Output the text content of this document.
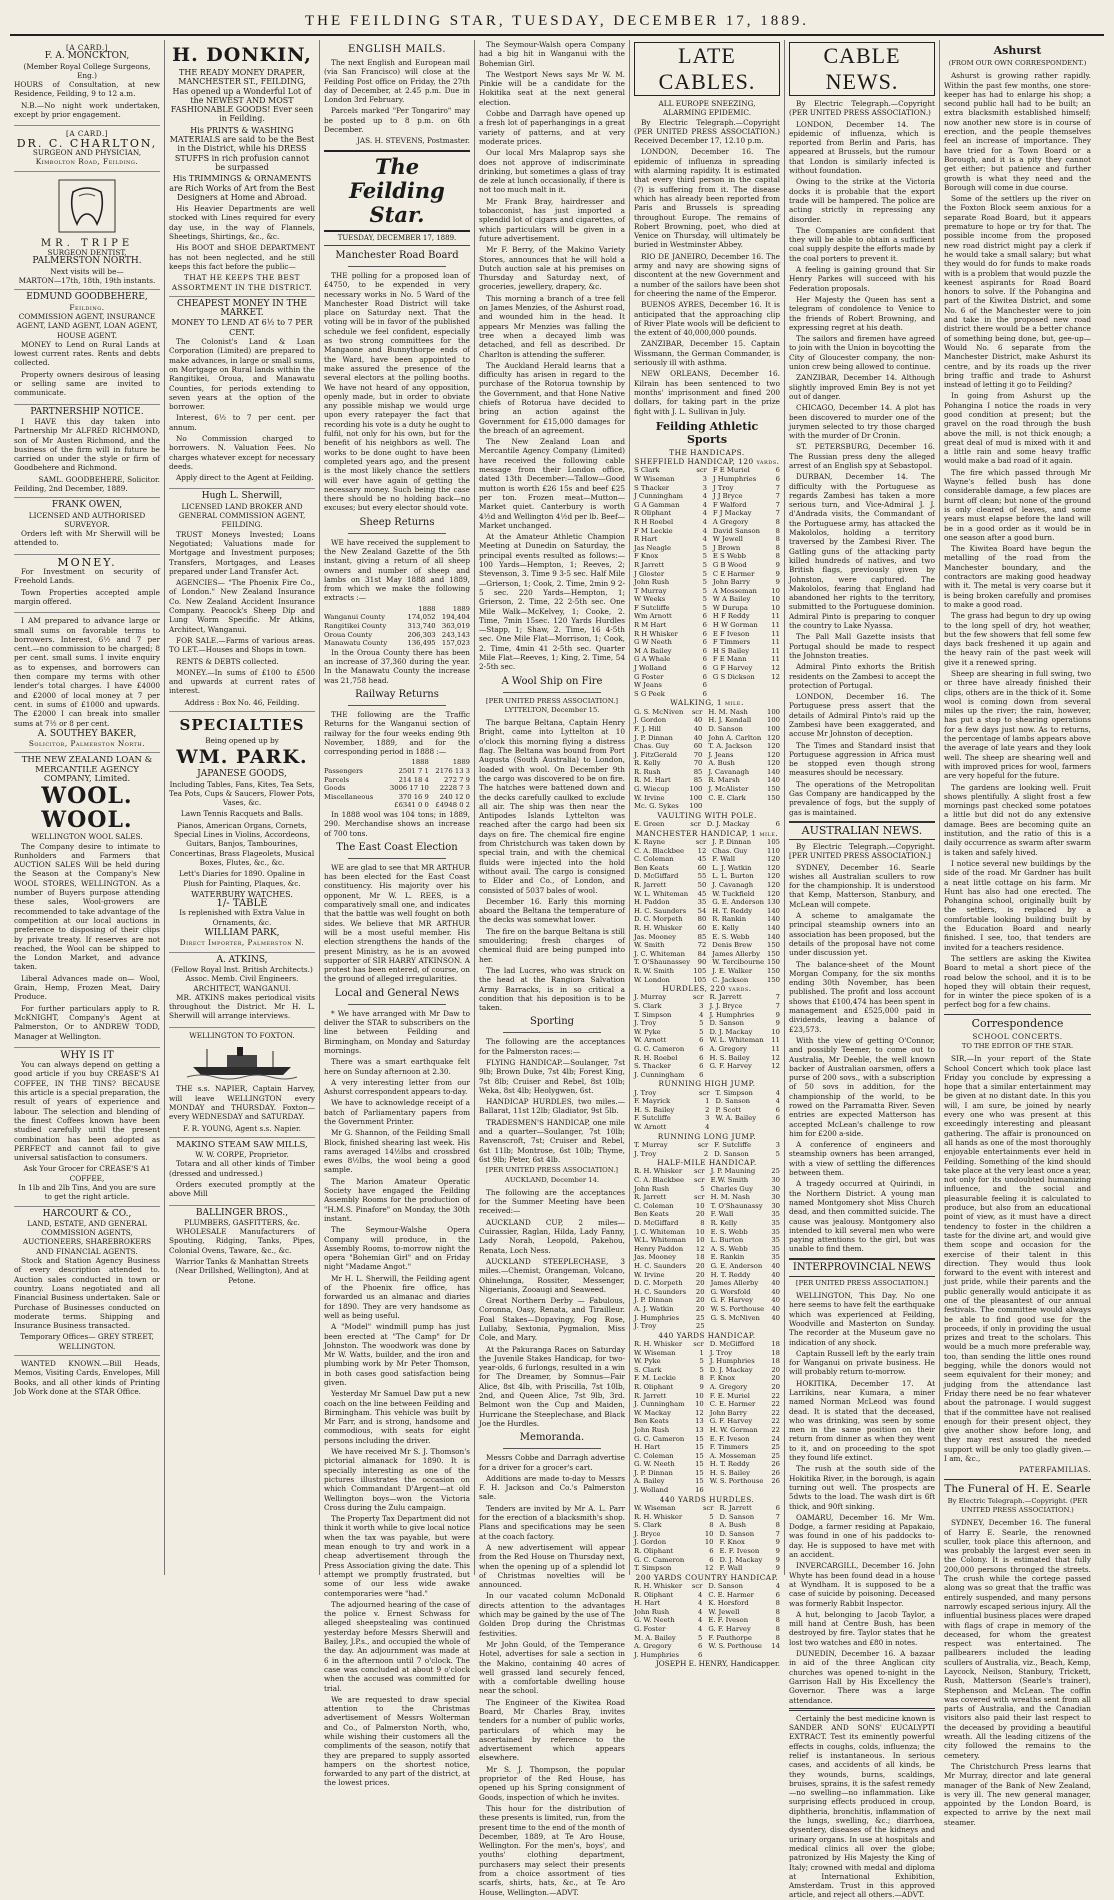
THE FEILDING STAR, TUESDAY, DECEMBER 17, 1889.
[A CARD.]
F. A. MONCKTON,
(Member Royal College Surgeons, Eng.)

HOURS of Consultation, at new Residence, Feilding, 9 to 12 a.m.

N.B.—No night work undertaken, except by prior engagement.

[A CARD.]
DR. C. CHARLTON,
SURGEON AND PHYSICIAN,
Kimbolton Road, Feilding.
MR. TRIPE
SURGEON DENTIST,
PALMERSTON NORTH.
Next visits will be—
MARTON—17th, 18th, 19th instants.
EDMUND GOODBEHERE,
Feilding.
COMMISSION AGENT, INSURANCE AGENT, LAND AGENT, LOAN AGENT, HOUSE AGENT.

MONEY to Lend on Rural Lands at lowest current rates. Rents and debts collected.

Property owners desirous of leasing or selling same are invited to communicate.

PARTNERSHIP NOTICE.

I HAVE this day taken into Partnership Mr ALFRED RICHMOND, son of Mr Austen Richmond, and the business of the firm will in future be carried on under the style or firm of Goodbehere and Richmond.

SAML. GOODBEHERE, Solicitor.
Feilding, 2nd December, 1889.
FRANK OWEN,
LICENSED AND AUTHORISED SURVEYOR.

Orders left with Mr Sherwill will be attended to.

MONEY.

For Investment on security of Freehold Lands.

Town Properties accepted ample margin offered.

I AM prepared to advance large or small sums on favorable terms to borrowers. Interest, 6½ and 7 per cent.—no commission to be charged; 8 per cent. small sums. I invite enquiry as to expenses, and borrowers can then compare my terms with other lender's total charges. I have £4000 and £2000 of local money at 7 per cent. in sums of £1000 and upwards. The £2000 I can break into smaller sums at 7½ or 8 per cent.

A. SOUTHEY BAKER,
Solicitor, Palmerston North.
THE NEW ZEALAND LOAN & MERCANTILE AGENCY COMPANY, Limited.
WOOL. WOOL.
WELLINGTON WOOL SALES.

The Company desire to intimate to Runholders and Farmers that AUCTION SALES Will be held during the Season at the Company's New WOOL STORES, WELLINGTON. As a number of Buyers purpose attending these sales, Wool-growers are recommended to take advantage of the competition at our local auctions in preference to disposing of their clips by private treaty. If reserves are not reached, the Wool can be shipped to the London Market, and advance taken.

Liberal Advances made on— Wool, Grain, Hemp, Frozen Meat, Dairy Produce.

For further particulars apply to R. McKNIGHT, Company's Agent at Palmerston, Or to ANDREW TODD, Manager at Wellington.

WHY IS IT

You can always depend on getting a good article if you buy CREASE'S A1 COFFEE, IN THE TINS? BECAUSE this article is a special preparation, the result of years of experience and labour. The selection and blending of the finest Coffees known have been studied carefully until the present combination has been adopted as PERFECT and cannot fail to give universal satisfaction to consumers.

Ask Your Grocer for CREASE'S A1 COFFEE,
In 1lb and 2lb Tins, And you are sure to get the right article.
HARCOURT & CO.,
LAND, ESTATE, AND GENERAL COMMISSION AGENTS, AUCTIONEERS, SHAREBROKERS AND FINANCIAL AGENTS.

Stock and Station Agency Business of every description attended to. Auction sales conducted in town or country. Loans negotiated and all Financial Business undertaken. Sale or Purchase of Businesses conducted on moderate terms. Shipping and Insurance Business transacted.

Temporary Offices— GREY STREET, WELLINGTON.

WANTED KNOWN.—Bill Heads, Memos, Visiting Cards, Envelopes, Mill Books, and all other kinds of Printing Job Work done at the STAR Office.

H. DONKIN,
THE READY MONEY DRAPER, MANCHESTER ST., FEILDING,

Has opened up a Wonderful Lot of the NEWEST AND MOST FASHIONABLE GOODS! Ever seen in Feilding.

His PRINTS & WASHING MATERIALS are said to be the Best in the District, while his DRESS STUFFS in rich profusion cannot be surpassed

His TRIMMINGS & ORNAMENTS are Rich Works of Art from the Best Designers at Home and Abroad.

His Heavier Departments are well stocked with Lines required for every day use, in the way of Flannels, Sheetings, Shirtings, &c., &c.

His BOOT and SHOE DEPARTMENT has not been neglected, and he still keeps this fact before the public—

THAT HE KEEPS THE BEST ASSORTMENT IN THE DISTRICT.
CHEAPEST MONEY IN THE MARKET.
MONEY TO LEND AT 6½ to 7 PER CENT.

The Colonist's Land & Loan Corporation (Limited) are prepared to make advances, in large or small sums, on Mortgage on Rural lands within the Rangitikei, Oroua, and Manawatu Counties, for periods extending to seven years at the option of the borrower.

Interest, 6½ to 7 per cent. per annum.

No Commission charged to borrowers. N. Valuation Fees. No charges whatever except for necessary deeds.

Apply direct to the Agent at Feilding.

Hugh L. Sherwill,
LICENSED LAND BROKER AND GENERAL COMMISSION AGENT, FEILDING.

TRUST Moneys Invested; Loans Negotiated; Valuations made for Mortgage and Investment purposes; Transfers, Mortgages, and Leases prepared under Land Transfer Act.

AGENCIES— "The Phoenix Fire Co., of London." New Zealand Insurance Co. New Zealand Accident Insurance Company. Peacock's Sheep Dip and Lung Worm Specific. Mr Atkins, Architect, Wanganui.

FOR SALE.—Farms of various areas. TO LET.—Houses and Shops in town.

RENTS & DEBTS collected.

MONEY.—In sums of £100 to £500 and upwards at current rates of interest.

Address : Box No. 46, Feilding.
SPECIALTIES
Being opened up by
WM. PARK.
JAPANESE GOODS,

Including Tables, Fans, Kites, Tea Sets, Tea Pots, Cups & Saucers, Flower Pots, Vases, &c.

Lawn Tennis Racquets and Balls.

Pianos, American Organs, Cornets, Special Lines in Violins, Accordeons, Guitars, Banjos, Tambourines, Concertinas, Brass Flageolets, Musical Boxes, Flutes, &c., &c.

Lett's Diaries for 1890. Opaline in Plush for Painting, Plaques, &c.

WATERBURY WATCHES.
1/- TABLE

Is replenished with Extra Value in Ornaments, &c.

WILLIAM PARK,
Direct Importer, Palmerston N.
A. ATKINS,
(Fellow Royal Inst. British Architects.) Assoc. Memb. Civil Engineers.
ARCHITECT, WANGANUI.

MR. ATKINS makes periodical visits throughout the District. Mr H. L. Sherwill will arrange interviews.

WELLINGTON TO FOXTON.

THE s.s. NAPIER, Captain Harvey, will leave WELLINGTON every MONDAY and THURSDAY. Foxton—every WEDNESDAY and SATURDAY.

F. R. YOUNG, Agent s.s. Napier.
MAKINO STEAM SAW MILLS,
W. W. CORPE, Proprietor.

Totara and all other kinds of Timber (dressed and undressed.)

Orders executed promptly at the above Mill

BALLINGER BROS.,
PLUMBERS, GASFITTERS, &c.

WHOLESALE Manufacturers of Spouting, Ridging, Tanks, Pipes, Colonial Ovens, Taware, &c., &c.

Warrior Tanks & Manhattan Streets (Near Drillshed, Wellington), And at Petone.
ENGLISH MAILS.

The next English and European mail (via San Francisco) will close at the Feilding Post office on Friday, the 27th day of December, at 2.45 p.m. Due in London 3rd February.

Parcels marked "Per Tongariro" may be posted up to 8 p.m. on 6th December.

JAS. H. STEVENS, Postmaster.
The Feilding Star.
TUESDAY, DECEMBER 17, 1889.
Manchester Road Board

THE polling for a proposed loan of £4750, to be expended in very necessary works in No. 5 Ward of the Manchester Road District will take place on Saturday next. That the voting will be in favor of the published schedule we feel confident, especially as two strong committees for the Mangaone and Bunnythorpe ends of the Ward, have been appointed to make assured the presence of the several electors at the polling booths. We have not heard of any opposition, openly made, but in order to obviate any possible mishap we would urge upon every ratepayer the fact that recording his vote is a duty he ought to fulfil, not only for his own, but for the benefit of his neighbors as well. The works to be done ought to have been completed years ago, and the present is the most likely chance the settlers will ever have again of getting the necessary money. Such being the case there should be no holding back—no excuses; but every elector should vote.

Sheep Returns

WE have received the supplement to the New Zealand Gazette of the 5th instant, giving a return of all sheep owners and number of sheep and lambs on 31st May 1888 and 1889, from which we make the following extracts :—

	1888	1889
Wanganui County	174,052	194,404
Rangitikei County	313,740	363,019
Oroua County	206,303	243,143
Manawatu County	136,495	157,023

In the Oroua County there has been an increase of 37,360 during the year. In the Manawatu County the increase was 21,758 head.

Railway Returns

THE following are the Traffic Returns for the Wanganui section of railway for the four weeks ending 9th November, 1889, and for the corresponding period in 1888 :—

	1888	1889
Passengers	2501 7 1	2176 13 3
Parcels	214 18 4	272 7 9
Goods	3006 17 10	2228 7 3
Miscellaneous	370 16 9	240 12 0
	£6341 0 0	£4948 0 2

In 1888 wool was 104 tons; in 1889, 290. Merchandise shows an increase of 700 tons.

The East Coast Election

WE are glad to see that MR ARTHUR has been elected for the East Coast constituency. His majority over his opponent, Mr W. L. REES, is a comparatively small one, and indicates that the battle was well fought on both sides. We believe that MR ARTHUR will be a most useful member. His election strengthens the hands of the present Ministry, as he is an avowed supporter of SIR HARRY ATKINSON. A protest has been entered, of course, on the ground of alleged irregularities.

Local and General News

* We have arranged with Mr Daw to deliver the STAR to subscribers on the line between Feilding and Birmingham, on Monday and Saturday mornings.

There was a smart earthquake felt here on Sunday afternoon at 2.30.

A very interesting letter from our Ashurst correspondent appears to-day.

We have to acknowledge receipt of a batch of Parliamentary papers from the Government Printer.

Mr G. Shannon, of the Feilding Small Block, finished shearing last week. His rams averaged 14½lbs and crossbred ewes 8½lbs, the wool being a good sample.

The Marion Amateur Operatic Society have engaged the Feilding Assembly Rooms for the production of "H.M.S. Pinafore" on Monday, the 30th instant.

The Seymour-Walshe Opera Company will produce, in the Assembly Rooms, to-morrow night the opera "Bohemian Girl" and on Friday night "Madame Angot."

Mr H. L. Sherwill, the Feilding agent of the Phoenix fire office, has forwarded us an almanac and diaries for 1890. They are very handsome as well as being useful.

A "Model" windmill pump has just been erected at "The Camp" for Dr Johnston. The woodwork was done by Mr W. Watts, builder, and the iron and plumbing work by Mr Peter Thomson, in both cases good satisfaction being given.

Yesterday Mr Samuel Daw put a new coach on the line between Feilding and Birmingham. This vehicle was built by Mr Farr, and is strong, handsome and commodious, with seats for eight persons including the driver.

We have received Mr S. J. Thomson's pictorial almanack for 1890. It is specially interesting as one of the pictures illustrates the occasion on which Commandant D'Argent—at old Wellington boys—won the Victoria Cross during the Zulu campaign.

The Property Tax Department did not think it worth while to give local notice when the tax was payable, but were mean enough to try and work in a cheap advertisement through the Press Association giving the date. This attempt we promptly frustrated, but some of our less wide awake contemporaries were "had."

The adjourned hearing of the case of the police v. Ernest Schwass for alleged sheepstealing was continued yesterday before Messrs Sherwill and Bailey, J.P.s., and occupied the whole of the day. An adjournment was made at 6 in the afternoon until 7 o'clock. The case was concluded at about 9 o'clock when the accused was committed for trial.

We are requested to draw special attention to the Christmas advertisement of Messrs Wolterman and Co., of Palmerston North, who, while wishing their customers all the compliments of the season, notify that they are prepared to supply assorted hampers on the shortest notice, forwarded to any part of the district, at the lowest prices.

The Seymour-Walsh opera Company had a big hit in Wanganui with the Bohemian Girl.

The Westport News says Mr W. M. Pinkie will be a candidate for the Hokitika seat at the next general election.

Cobbe and Darragh have opened up a fresh lot of paperhangings in a great variety of patterns, and at very moderate prices.

Our local Mrs Malaprop says she does not approve of indiscriminate drinking, but sometimes a glass of tray de zele at lunch occasionally, if there is not too much malt in it.

Mr Frank Bray, hairdresser and tobacconist, has just imported a splendid lot of cigars and cigarettes, of which particulars will be given in a future advertisement.

Mr F. Berry, of the Makino Variety Stores, announces that he will hold a Dutch auction sale at his premises on Thursday and Saturday next, of groceries, jewellery, drapery, &c.

This morning a branch of a tree fell on James Menzies, of the Ashurst road, and wounded him in the head. It appears Mr Menzies was falling the tree when a decayed limb was detached, and fell as described. Dr Charlton is attending the sufferer.

The Auckland Herald learns that a difficulty has arisen in regard to the purchase of the Rotorua township by the Government, and that Hone Native chiefs of Rotorua have decided to bring an action against the Government for £15,000 damages for the breach of an agreement.

The New Zealand Loan and Mercantile Agency Company (Limited) have received the following cable message from their London office, dated 13th December:—Tallow—Good mutton is worth £26 15s and beef £25 per ton. Frozen meat—Mutton—Market quiet. Canterbury is worth 4½d and Wellington 4½d per lb. Beef—Market unchanged.

At the Amateur Athletic Champion Meeting at Dunedin on Saturday, the principal events resulted as follows:—100 Yards—Hempton, 1; Reeves, 2; Stevenson, 3. Time 9 3-5 sec. Half Mile—Grierson, 1; Cook, 2. Time, 2min 9 2-5 sec. 220 Yards—Hempton, 1; Grierson, 2. Time, 22 2-5th sec. One Mile Walk—McKelvey, 1; Cooke, 2. Time, 7min 15sec. 120 Yards Hurdles—Stapp, 1; Shaw, 2. Time, 16 4-5th sec. One Mile Flat—Morrison, 1; Cook, 2. Time, 4min 41 2-5th sec. Quarter Mile Flat—Reeves, 1; King, 2. Time, 54 2-5th sec.

A Wool Ship on Fire
[PER UNITED PRESS ASSOCIATION.] LYTTELTON, December 15.

The barque Beltana, Captain Henry Bright, came into Lyttelton at 10 o'clock this morning flying a distress flag. The Beltana was bound from Port Augusta (South Australia) to London, loaded with wool. On December 9th the cargo was discovered to be on fire. The hatches were battened down and the decks carefully caulked to exclude all air. The ship was then near the Antipodes Islands Lyttelton was reached after the cargo had been six days on fire. The chemical fire engine from Christchurch was taken down by special train, and with the chemical fluids were injected into the hold without avail. The cargo is consigned to Elder and Co., of London, and consisted of 5037 bales of wool.

December 16. Early this morning aboard the Beltana the temperature of the decks was somewhat lower.

The fire on the barque Beltana is still smouldering; fresh charges of chemical fluid are being pumped into her.

The lad Lucres, who was struck on the head at the Rangiora Salvation Army Barracks, is in so critical a condition that his deposition is to be taken.

Sporting

The following are the acceptances for the Palmerston races:—

FLYING HANDICAP.—Soulanger, 7st 9lb; Brown Duke, 7st 4lb; Forest King, 7st 8lb; Cruiser and Rebel, 8st 10lb; Weka, 8st 4lb; Heolygwen, 6st.

HANDICAP HURDLES, two miles.—Ballarat, 11st 12lb; Gladiator, 9st 5lb.

TRADESMEN'S HANDICAP, one mile and a quarter—Soulanger, 7st 10lb; Ravenscroft, 7st; Cruiser and Rebel, 6st 11lb; Montrose, 6st 10lb; Thyme, 6st 9lb; Peter, 6st 4lb.

[PER UNITED PRESS ASSOCIATION.] AUCKLAND, December 14.

The following are the acceptances for the Summer Meeting have been received:—

AUCKLAND CUP, 2 miles—Cuirassier, Raglan, Hilda, Lady Fanny, Lady Norah, Leopold, Pakehou, Renata, Loch Ness.

AUCKLAND STEEPLECHASE, 3 miles.—Chemist, Orangeman, Volcano, Ohinelunga, Rossiter, Messenger, Nigerianis, Zooaugi and Seaweed.

Great Northern Derby — Fabulous, Coronna, Oasy, Renata, and Tirailleur. Foal Stakes—Dopavingy, Fog Rose, Lullaby, Sextonia, Pygmalion, Miss Cole, and Mary.

At the Pakuranga Races on Saturday the Juvenile Stakes Handicap, for two-year-olds, 6 furlongs, resulted in a win for The Dreamer, by Somnus—Fair Alice, 8st 4lb, with Priscilla, 7st 10lb, 2nd, and Queen Alice, 7st 9lb, 3rd. Belmont won the Cup and Maiden, Hurricane the Steeplechase, and Black Joe the Hurdles.

Memoranda.

Messrs Cobbe and Darragh advertise for a driver for a grocer's cart.

Additions are made to-day to Messrs F. H. Jackson and Co.'s Palmerston sale.

Tenders are invited by Mr A. L. Parr for the erection of a blacksmith's shop. Plans and specifications may be seen at the coach factory.

A new advertisement will appear from the Red House on Thursday next, when the opening up of a splendid lot of Christmas novelties will be announced.

In our vacated column McDonald directs attention to the advantages which may be gained by the use of The Golden Drop during the Christmas festivities.

Mr John Gould, of the Temperance Hotel, advertises for sale a section in the Makino, containing 40 acres of well grassed land securely fenced, with a comfortable dwelling house near the school.

The Engineer of the Kiwitea Road Board, Mr Charles Bray, invites tenders for a number of public works, particulars of which may be ascertained by reference to the advertisement which appears elsewhere.

Mr S. J. Thompson, the popular proprietor of the Red House, has opened up his Spring consignment of Goods, inspection of which he invites.

This hour for the distribution of these presents is limited, run, from the present time to the end of the month of December, 1889, at Te Aro House, Wellington. For the men's, boys', and youths' clothing department, purchasers may select their presents from a choice assortment of ties scarfs, shirts, hats, &c., at Te Aro House, Wellington.—ADVT.

LATE CABLES.
ALL EUROPE SNEEZING,
ALARMING EPIDEMIC.

By Electric Telegraph.—Copyright (PER UNITED PRESS ASSOCIATION.) Received December 17, 12.10 p.m.

LONDON, December 16. The epidemic of influenza in spreading with alarming rapidity. It is estimated that every third person in the capital (?) is suffering from it. The disease which has already been reported from Paris and Brussels is spreading throughout Europe. The remains of Robert Browning, poet, who died at Venice on Thursday, will ultimately be buried in Westminster Abbey.

RIO DE JANEIRO, December 16. The army and navy are showing signs of discontent at the new Government and a number of the sailors have been shot for cheering the name of the Emperor.

BUENOS AYRES, December 16. It is anticipated that the approaching clip of River Plate wools will be deficient to the extent of 40,000,000 pounds.

ZANZIBAR, December 15. Captain Wissmann, the German Commander, is seriously ill with asthma.

NEW ORLEANS, December 16. Kilrain has been sentenced to two months' imprisonment and fined 200 dollars, for taking part in the prize fight with J. L. Sullivan in July.

Feilding Athletic Sports
THE HANDICAPS.
SHEFFIELD HANDICAP, 120 yards.
S Clark	scr	F E Muriel	6
W Wiseman	3	J Humphries	6
S Thacker	3	J Troy	7
J Cunningham	4	J J Bryce	7
G A Gamman	4	F Walford	7
R Oliphant	4	F J Mackay	7
R H Roebel	4	A Gregory	8
F M Leckie	4	David Sanson	8
R Hart	4	W Jewell	8
Jas Neagle	5	J Brown	8
F Knox	5	E S Webb	8
R Jarrett	5	G B Wood	9
J Gloster	5	C E Harmer	9
John Rush	5	John Barry	9
T Murray	5	A Mosseman	10
W Weeks	5	W A Bailey	10
F Sutcliffe	5	W Durupa	10
Wm Arnott	6	H F Reddy	11
R M Hart	6	H W Gorman	11
R H Whisker	6	E F Iveson	11
G W Neeth	6	F Timmers	11
M A Bailey	6	H S Bailey	11
G A Whale	6	F E Mann	11
J Wolland	6	G F Harvey	12
G Foster	6	G S Dickson	12
W Jeans	6		
S G Peek	6		
WALKING, 1 mile.
G. S. McNiven	scr	H. M. Nash	100
J. Gordon	40	H. J. Kendall	100
F. J. Hill	40	D. Sanson	100
J. P. Dinnan	40	John A. Carlton	120
Chas. Guy	60	T. A. Jackson	120
J. FitzGerald	70	J. Jeans	120
R. Kelly	70	A. Bush	120
R. Rush	85	J. Cavanagh	140
R. M. Hart	85	R. Marsh	140
G. Wiecup	100	J. McAlister	150
W. Irvine	100	C. E. Clark	150
Mc. G. Sykes	100		
VAULTING WITH POLE.
E. Green	scr	D. J. Mackay	6
MANCHESTER HANDICAP, 1 mile.
K. Rayne	scr	J. P. Dinnan	105
C. A. Blackbee	12	Chas. Guy	110
C. Coleman	45	F. Wall	120
Ben Keats	60	L. J. Watkin	120
D. McGiffard	55	L. L. Burton	120
R. Jarrett	50	J. Cavanagh	120
W. L. Whiteman	45	W. Tuckfield	120
H. Paddon	35	G. E. Anderson	130
H. C. Saunders	54	H. T. Reddy	140
D. C. Morpeth	80	R. Rankin	140
R. H. Whisker	60	E. Kelly	140
Jas. Mooney	85	E. S. Webb	140
W. Smith	72	Denis Brew	150
J. C. Whiteman	84	James Allerby	150
T. O'Shaunassey	90	W. Tercibourne	150
R. W. Smith	105	J. E. Walker	150
W. London	105	C. Jackson	150
HURDLES, 220 yards.
J. Murray	scr	R. Jarrett	7
S. Clark	3	J. J. Bryce	7
T. Simpson	4	J. Humphries	9
J. Troy	5	D. Sanson	9
W. Pyke	5	D. J. Mackay	10
W. Arnott	6	W. L. Whiteman	11
G. C. Cameron	6	A. Gregory	11
R. H. Roebel	6	H. S. Bailey	12
S. Thacker	6	G. F. Harvey	12
J. Cunningham	6		
RUNNING HIGH JUMP.
J. Troy	scr	T. Simpson	4
F. Mayrick	1	D. Sanson	4
H. S. Bailey	2	P. Scott	6
F. Sutcliffe	3	W. A. Bailey	6
W. Arnott	4		
RUNNING LONG JUMP.
T. Murray	scr	F. Sutcliffe	3
J. Troy	2	D. Sanson	5
HALF-MILE HANDICAP.
R. H. Whisker	scr	J. P. Mauning	25
C. A. Blackbee	scr	E.W. Smith	30
John Rush	5	Charles Guy	30
R. Jarrett	scr	H. M. Nash	30
C. Coleman	10	T. O'Shaunassy	30
Ben Keats	20	F. Wall	35
D. McGiffard	8	R. Kelly	35
J. C. Whiteman	10	E. S. Webb	35
W.L. Whiteman	10	L. Burton	35
Henry Paddon	12	A. S. Webb	35
Jas. Mooney	18	E. Rankin	35
H. C. Saunders	20	G. E. Anderson	40
W. Irvine	20	H. T. Reddy	40
D. C. Morpeth	20	James Allerby	40
H. C. Saunders	20	G. Worsfold	40
J. P. Dinnan	20	G. F. Harvey	40
A. J. Watkin	20	W. S. Porthouse	40
J. Humphries	25	G. S. McNiven	40
J. Troy	25		
440 YARDS HANDICAP.
R. H. Whisker	scr	D. McGifford	18
W. Wiseman	1	J. Troy	18
W. Pyke	5	J. Humphries	18
S. Clark	5	D. J. Mackay	20
F. M. Leckie	8	F. Knox	20
R. Oliphant	9	A. Gregory	20
R. Jarrett	10	F. E. Muriel	22
J. Cunningham	10	C. E. Harmer	22
W. Mackay	12	John Barry	22
Ben Keats	13	G. F. Harvey	22
John Rush	13	H. W. Gorman	22
G. C. Cameron	15	E. F. Iveson	24
H. Hart	15	F. Timmers	25
C. Coleman	15	A. Mosseman	25
G. W. Neeth	15	H. T. Reddy	26
J. P. Dinnan	15	H. S. Bailey	26
A. Bailey	15	W. S. Porthouse	26
J. Wolland	16		
440 YARDS HURDLES.
W. Wiseman	scr	R. Jarrett	6
R. H. Whisker	5	D. Sanson	7
S. Clark	8	A. Bush	8
J. Bryce	10	D. Sanson	7
J. Gordon	10	F. Knox	9
R. Oliphant	6	E. F. Iveson	9
G. C. Cameron	6	D. J. Mackay	9
T. Simpson	12	F. Wall	9
200 YARDS COUNTRY HANDICAP.
R. H. Whisker	scr	D. Sanson	4
R. Oliphant	4	C. E. Harmer	6
H. Hart	4	K. Horsford	8
John Rush	4	W. Jewell	8
G. W. Neeth	4	E. F. Iveson	8
G. Foster	4	G. F. Harvey	8
M. A. Bailey	5	F. Pauthorpe	8
A. Gregory	6	W. S. Porthouse	14
J. Humphries	6		
JOSEPH E. HENRY, Handicapper.
CABLE NEWS.

By Electric Telegraph.—Copyright (PER UNITED PRESS ASSOCIATION.)

LONDON, December 14. The epidemic of influenza, which is reported from Berlin and Paris, has appeared at Brussels, but the rumour that London is similarly infected is without foundation.

Owing to the strike at the Victoria docks it is probable that the export trade will be hampered. The police are acting strictly in repressing any disorder.

The Companies are confident that they will be able to obtain a sufficient coal supply despite the efforts made by the coal porters to prevent it.

A feeling is gaining ground that Sir Henry Parkes will succeed with his Federation proposals.

Her Majesty the Queen has sent a telegram of condolence to Venice to the friends of Robert Browning, and expressing regret at his death.

The sailors and firemen have agreed to join with the Union in boycotting the City of Gloucester company, the non-union crew being allowed to continue.

ZANZIBAR, December 14. Although slightly improved Emin Bey is not yet out of danger.

CHICAGO, December 14. A plot has been discovered to murder one of the jurymen selected to try those charged with the murder of Dr Cronin.

ST. PETERSBURG, December 16. The Russian press deny the alleged arrest of an English spy at Sebastopol.

DURBAN, December 14. The difficulty with the Portuguese as regards Zambesi has taken a more serious turn, and Vice-Admiral J. J. d'Andrada visits, the Commandant of the Portuguese army, has attacked the Makololos, holding a territory traversed by the Zambesi River. The Gatling guns of the attacking party killed hundreds of natives, and two British flags, previously given by Johnston, were captured. The Makololos, fearing that England had abandoned her rights to the territory, submitted to the Portuguese dominion. Admiral Pinto is preparing to conquer the country to Lake Nyassa.

The Pall Mall Gazette insists that Portugal should be made to respect the Johnston treaties.

Admiral Pinto exhorts the British residents on the Zambesi to accept the protection of Portugal.

LONDON, December 16. The Portuguese press assert that the details of Admiral Pinto's raid up the Zambesi have been exaggerated, and accuse Mr Johnston of deception.

The Times and Standard insist that Portuguese aggression in Africa must be stopped even though strong measures should be necessary.

The operations of the Metropolitan Gas Company are handicapped by the prevalence of fogs, but the supply of gas is maintained.

AUSTRALIAN NEWS.

By Electric Telegraph.—Copyright. [PER UNITED PRESS ASSOCIATION.]

SYDNEY, December 16. Searle wishes all Australian scullers to row for the championship. It is understood that Kemp, Matterson, Stanbury, and McLean will compete.

A scheme to amalgamate the principal steamship owners into an association has been proposed, but the details of the proposal have not come under discussion yet.

The balance-sheet of the Mount Morgan Company, for the six months ending 30th November, has been published. The profit and loss account shows that £100,474 has been spent in management and £525,000 paid in dividends, leaving a balance of £23,573.

With the view of getting O'Connor, and possibly Teemer, to come out to Australia, Mr Deeble, the well known backer of Australian oarsmen, offers a purse of 200 sovs., with a subscription of 50 sovs in addition, for the championship of the world, to be rowed on the Parramatta River. Seven entries are expected Matterson has accepted McLean's challenge to row him for £200 a-side.

A conference of engineers and steamship owners has been arranged, with a view of settling the differences between them.

A tragedy occurred at Quirindi, in the Northern District. A young man named Montgomery shot Miss Church dead, and then committed suicide. The cause was jealousy. Montgomery also intended to kill several men who were paying attentions to the girl, but was unable to find them.

INTERPROVINCIAL NEWS
[PER UNITED PRESS ASSOCIATION.]

WELLINGTON, This Day. No one here seems to have felt the earthquake which was experienced at Feilding, Woodville and Masterton on Sunday. The recorder at the Museum gave no indication of any shock.

Captain Russell left by the early train for Wanganui on private business. He will probably return to-morrow.

HOKITIKA, December 17. At Larrikins, near Kumara, a miner named Norman McLeod was found dead. It is stated that the deceased, who was drinking, was seen by some men in the same position on their return from dinner as when they went to it, and on proceeding to the spot they found life extinct.

The rush at the south side of the Hokitika River, in the borough, is again turning out well. The prospects are 5dwts to the load. The wash dirt is 6ft thick, and 90ft sinking.

OAMARU, December 16. Mr Wm. Dodge, a farmer residing at Papakaio, was found in one of his paddocks to-day. He is supposed to have met with an accident.

INVERCARGILL, December 16. John Whyte has been found dead in a house at Wyndham. It is supposed to be a case of suicide by poisoning. Deceased was formerly Rabbit Inspector.

A hut, belonging to Jacob Taylor, a mill hand at Centre Bush, has been destroyed by fire. Taylor states that he lost two watches and £80 in notes.

DUNEDIN, December 16. A bazaar in aid of the three Anglican city churches was opened to-night in the Garrison Hall by His Excellency the Governor. There was a large attendance.

Certainly the best medicine known is SANDER AND SONS' EUCALYPTI EXTRACT. Test its eminently powerful effects in coughs, colds, influenza; the relief is instantaneous. In serious cases, and accidents of all kinds, be they wounds, burns, scaldings, bruises, sprains, it is the safest remedy—no swelling—no inflammation. Like surprising effects produced in croup, diphtheria, bronchitis, inflammation of the lungs, swelling, &c.; diarrhoea, dysentery, diseases of the kidneys and urinary organs. In use at hospitals and medical clinics all over the globe; patronized by His Majesty the King of Italy; crowned with medal and diploma at International Exhibition, Amsterdam. Trust in this approved article, and reject all others.—ADVT.

Ashurst
(FROM OUR OWN CORRESPONDENT.)

Ashurst is growing rather rapidly. Within the past few months, one store-keeper has had to enlarge his shop; a second public hall had to be built; an extra blacksmith established himself; now another new store is in course of erection, and the people themselves feel an increase of importance. They have tried for a Town Board or a Borough, and it is a pity they cannot get either; but patience and further growth is what they need and the Borough will come in due course.

Some of the settlers up the river on the Foxton Block seem anxious for a separate Road Board, but it appears premature to hope or try for that. The possible income from the proposed new road district might pay a clerk if he would take a small salary; but what they would do for funds to make roads with is a problem that would puzzle the keenest aspirants for Road Board honors to solve. If the Pohangina and part of the Kiwitea District, and some No. 6 of the Manchester were to join and take in the proposed new road district there would be a better chance of something being done, but, gee-up—Would No. 6 separate from the Manchester District, make Ashurst its centre, and by its roads up the river bring traffic and trade to Ashurst instead of letting it go to Feilding?

In going from Ashurst up the Pohangina I notice the roads in very good condition at present; but the gravel on the road through the bush above the mill, is not thick enough; a great deal of mud is mixed with it and a little rain and some heavy traffic would make a bad road of it again.

The fire which passed through Mr Wayne's felled bush has done considerable damage, a few places are burnt off clean; but none of the ground is only cleared of leaves, and some years must elapse before the land will be in a good order as it would be in one season after a good burn.

The Kiwitea Board have begun the metalling of the road from the Manchester boundary, and the contractors are making good headway with it. The metal is very coarse but it is being broken carefully and promises to make a good road.

The grass had begun to dry up owing to the long spell of dry, hot weather, but the few showers that fell some few days back freshened it up again and the heavy rain of the past week will give it a renewed spring.

Sheep are shearing in full swing, two or three have already finished their clips, others are in the thick of it. Some wool is coming down from several miles up the river; the rain, however, has put a stop to shearing operations for a few days just now. As to returns, the percentage of lambs appears above the average of late years and they look well. The sheep are shearing well and with improved prices for wool, farmers are very hopeful for the future.

The gardens are looking well. Fruit shows plentifully. A slight frost a few mornings past checked some potatoes a little but did not do any extensive damage. Bees are becoming quite an institution, and the ratio of this is a daily occurrence as swarm after swarm is taken and safely hived.

I notice several new buildings by the side of the road. Mr Gardner has built a neat little cottage on his farm. Mr Hunt has also had one erected. The Pohangina school, originally built by the settlers, is replaced by a comfortable looking building built by the Education Board and nearly finished. I see, too, that tenders are invited for a teachers residence.

The settlers are asking the Kiwitea Board to metal a short piece of the road below the school, and it is to be hoped they will obtain their request, for in winter the piece spoken of is a perfect bog for a few chains.

Correspondence
SCHOOL CONCERTS.
TO THE EDITOR OF THE STAR.

SIR,—In your report of the State School Concert which took place last Friday you conclude by expressing a hope that a similar entertainment may be given at no distant date. In this you will, I am sure, be joined by nearly every one who was present at this exceedingly interesting and pleasant gathering. The affair is pronounced on all hands as one of the most thoroughly enjoyable entertainments ever held in Feilding. Something of the kind should take place at the very least once a year, not only for its undoubted humanizing influence, and the social and pleasurable feeling it is calculated to produce, but also from an educational point of view, as it must have a direct tendency to foster in the children a taste for the divine art, and would give them scope and occasion for the exercise of their talent in this direction. They would thus look forward to the event with interest and just pride, while their parents and the public generally would anticipate it as one of the pleasantest of our annual festivals. The committee would always be able to find good use for the proceeds, if only in providing the usual prizes and treat to the scholars. This would be a much more preferable way, too, than sending the little ones round begging, while the donors would not seem equivalent for their money; and judging from the attendance last Friday there need be no fear whatever about the patronage. I would suggest that if the committee have not realised enough for their present object, they give another show before long, and they may rest assured the needed support will be only too gladly given.—I am, &c.,

PATERFAMILIAS.
The Funeral of H. E. Searle
By Electric Telegraph.—Copyright. (PER UNITED PRESS ASSOCIATION.)

SYDNEY, December 16. The funeral of Harry E. Searle, the renowned sculler, took place this afternoon, and was probably the largest ever seen in the Colony. It is estimated that fully 200,000 persons thronged the streets. The crush while the cortege passed along was so great that the traffic was entirely suspended, and many persons narrowly escaped serious injury. All the influential business places were draped with flags of crape in memory of the deceased, for whom the greatest respect was entertained. The pallbearers included the leading scullers of Australia, viz., Beach, Kemp, Laycock, Neilson, Stanbury, Trickett, Rush, Matterson (Searle's trainer), Stephenson and McLean. The coffin was covered with wreaths sent from all parts of Australia, and the Canadian visitors also paid their last respect to the deceased by providing a beautiful wreath. All the leading citizens of the city followed the remains to the cemetery.

The Christchurch Press learns that Mr Murray, director and late general manager of the Bank of New Zealand, is very ill. The new general manager, appointed by the London Board, is expected to arrive by the next mail steamer.
